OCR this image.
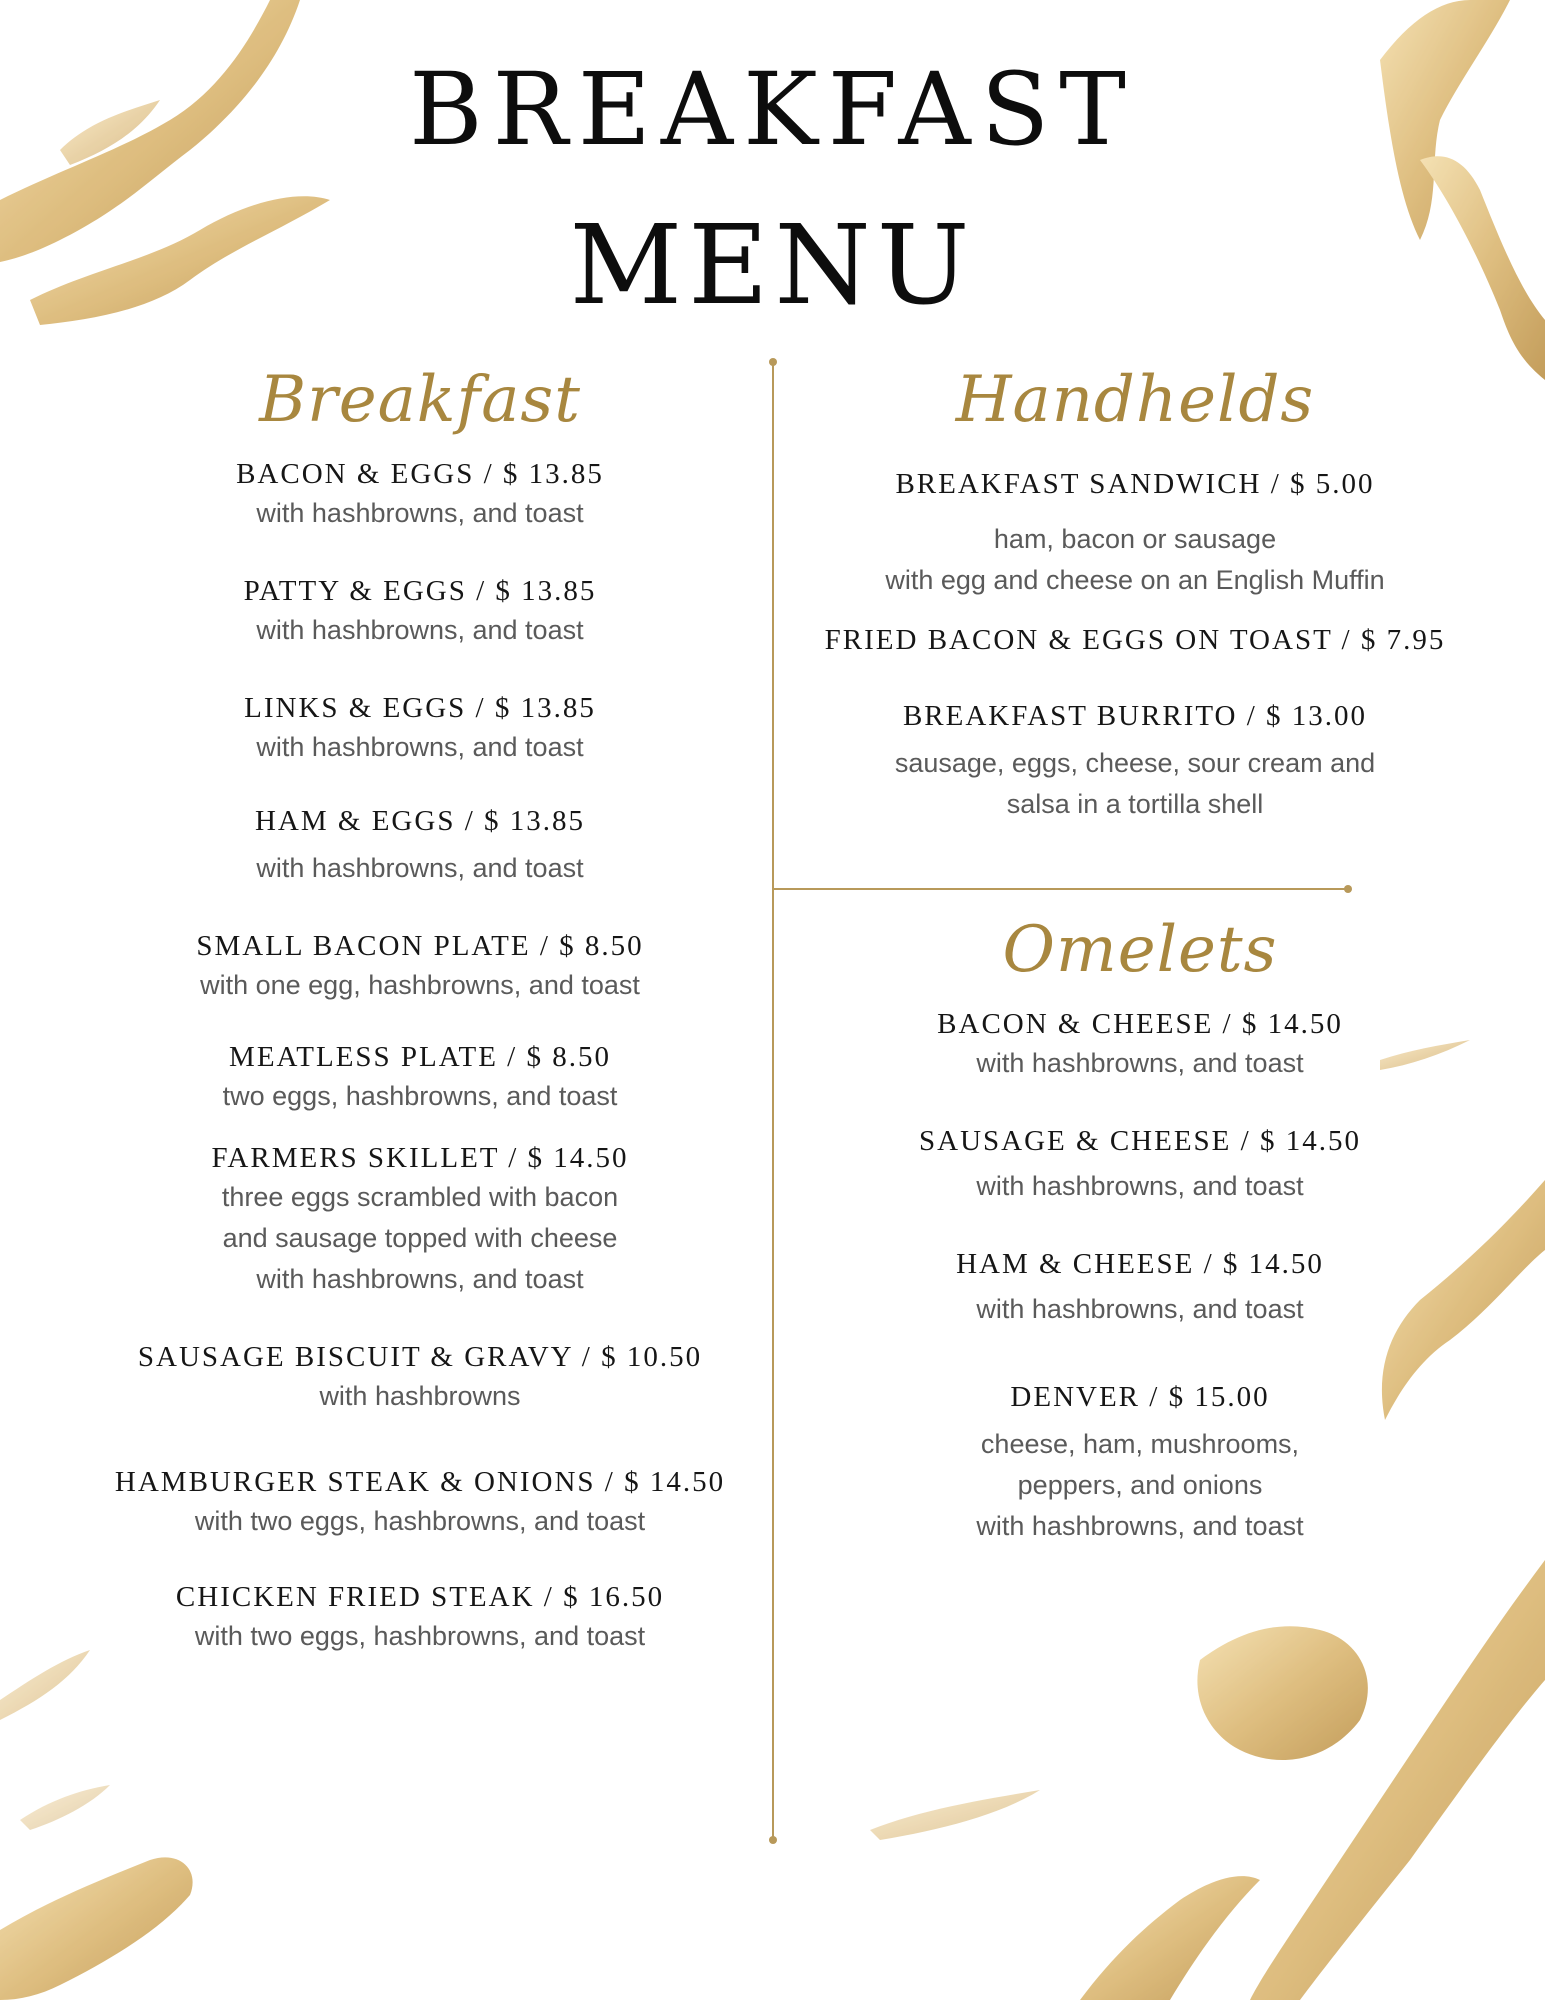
BREAKFAST
MENU
Breakfast
BACON & EGGS / $ 13.85
with hashbrowns, and toast
PATTY & EGGS / $ 13.85
with hashbrowns, and toast
LINKS & EGGS / $ 13.85
with hashbrowns, and toast
HAM & EGGS / $ 13.85
with hashbrowns, and toast
SMALL BACON PLATE / $ 8.50
with one egg, hashbrowns, and toast
MEATLESS PLATE / $ 8.50
two eggs, hashbrowns, and toast
FARMERS SKILLET / $ 14.50
three eggs scrambled with bacon
and sausage topped with cheese
with hashbrowns, and toast
SAUSAGE BISCUIT & GRAVY / $ 10.50
with hashbrowns
HAMBURGER STEAK & ONIONS / $ 14.50
with two eggs, hashbrowns, and toast
CHICKEN FRIED STEAK / $ 16.50
with two eggs, hashbrowns, and toast
Handhelds
BREAKFAST SANDWICH / $ 5.00
ham, bacon or sausage
with egg and cheese on an English Muffin
FRIED BACON & EGGS ON TOAST / $ 7.95
BREAKFAST BURRITO / $ 13.00
sausage, eggs, cheese, sour cream and
salsa in a tortilla shell
Omelets
BACON & CHEESE / $ 14.50
with hashbrowns, and toast
SAUSAGE & CHEESE / $ 14.50
with hashbrowns, and toast
HAM & CHEESE / $ 14.50
with hashbrowns, and toast
DENVER / $ 15.00
cheese, ham, mushrooms,
peppers, and onions
with hashbrowns, and toast
